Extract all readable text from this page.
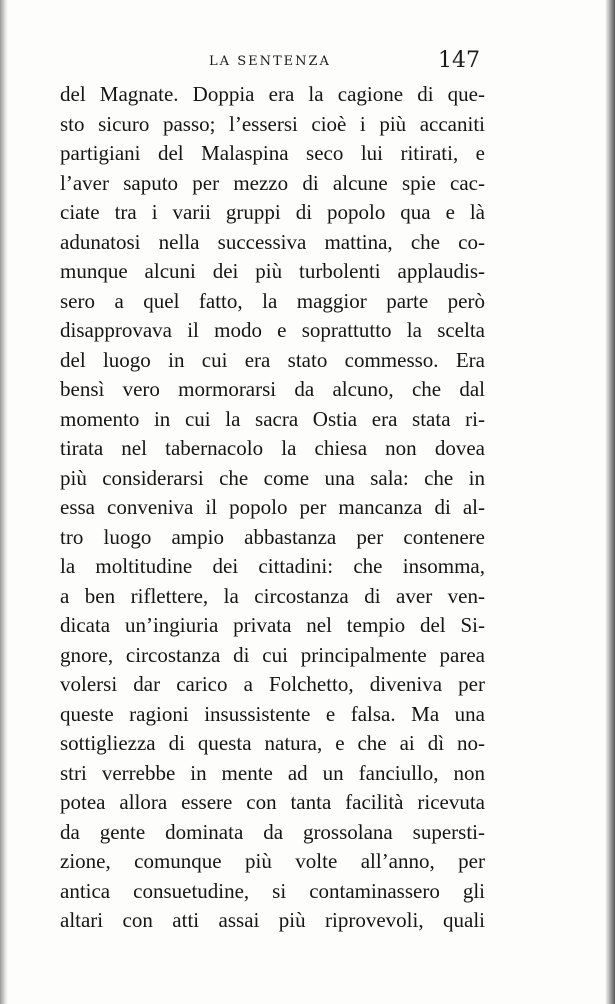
LA SENTENZA	147
del Magnate. Doppia era la cagione di que-
sto sicuro passo; l’essersi cioè i più accaniti
partigiani del Malaspina seco lui ritirati, e
l’aver saputo per mezzo di alcune spie cac-
ciate tra i varii gruppi di popolo qua e là
adunatosi nella successiva mattina, che co-
munque alcuni dei più turbolenti applaudis-
sero a quel fatto, la maggior parte però
disapprovava il modo e soprattutto la scelta
del luogo in cui era stato commesso. Era
bensì vero mormorarsi da alcuno, che dal
momento in cui la sacra Ostia era stata ri-
tirata nel tabernacolo la chiesa non dovea
più considerarsi che come una sala: che in
essa conveniva il popolo per mancanza di al-
tro luogo ampio abbastanza per contenere
la moltitudine dei cittadini: che insomma,
a ben riflettere, la circostanza di aver ven-
dicata un’ingiuria privata nel tempio del Si-
gnore, circostanza di cui principalmente parea
volersi dar carico a Folchetto, diveniva per
queste ragioni insussistente e falsa. Ma una
sottigliezza di questa natura, e che ai dì no-
stri verrebbe in mente ad un fanciullo, non
potea allora essere con tanta facilità ricevuta
da gente dominata da grossolana supersti-
zione, comunque più volte all’anno, per
antica consuetudine, si contaminassero gli
altari con atti assai più riprovevoli, quali
